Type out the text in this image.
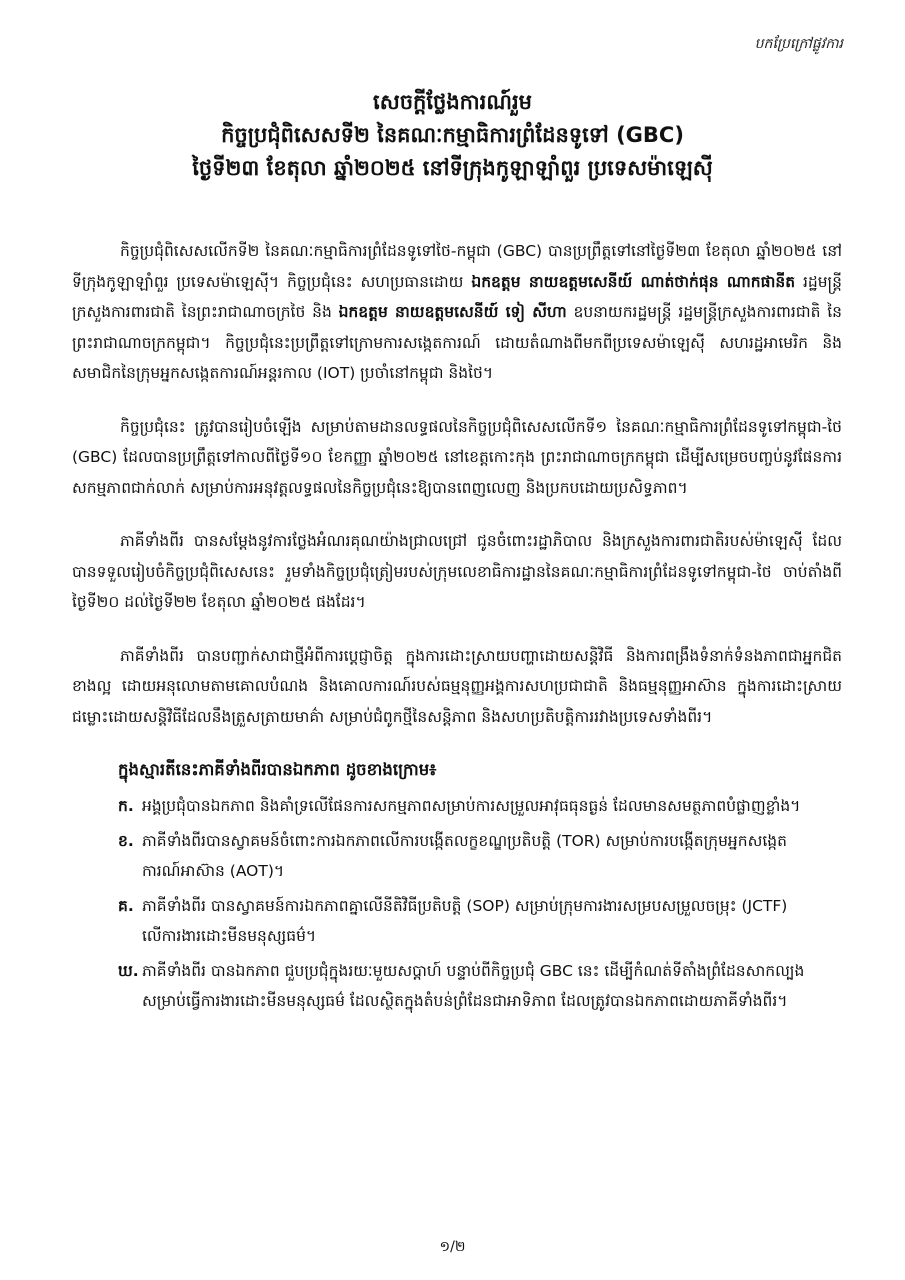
បកប្រែក្រៅផ្លូវការ

សេចក្តីថ្លែងការណ៍រួម

កិច្ចប្រជុំពិសេសទី២ នៃគណៈកម្មាធិការព្រំដែនទូទៅ (GBC)

ថ្ងៃទី២៣ ខែតុលា ឆ្នាំ២០២៥ នៅទីក្រុងកូឡាឡាំពួរ ប្រទេសម៉ាឡេស៊ី

កិច្ចប្រជុំពិសេសលើកទី២ នៃគណៈកម្មាធិការព្រំដែនទូទៅថៃ-កម្ពុជា (GBC) បានប្រព្រឹត្តទៅនៅថ្ងៃទី២៣ ខែតុលា ឆ្នាំ២០២៥ នៅទីក្រុងកូឡាឡាំពួរ ប្រទេសម៉ាឡេស៊ី។ កិច្ចប្រជុំនេះ សហប្រធានដោយ ឯកឧត្តម នាយឧត្តមសេនីយ៍ ណាត់ថាក់ផុន ណាកផានីត រដ្ឋមន្ត្រីក្រសួងការពារជាតិ នៃព្រះរាជាណាចក្រថៃ និង ឯកឧត្តម នាយឧត្តមសេនីយ៍ ទៀ សីហា ឧបនាយករដ្ឋមន្ត្រី រដ្ឋមន្ត្រីក្រសួងការពារជាតិ នៃព្រះរាជាណាចក្រកម្ពុជា។ កិច្ចប្រជុំនេះប្រព្រឹត្តទៅក្រោមការសង្កេតការណ៍ ដោយតំណាងពីមកពីប្រទេសម៉ាឡេស៊ី សហរដ្ឋអាមេរិក និងសមាជិកនៃក្រុមអ្នកសង្កេតការណ៍អន្តរកាល (IOT) ប្រចាំនៅកម្ពុជា និងថៃ។

កិច្ចប្រជុំនេះ ត្រូវបានរៀបចំឡើង សម្រាប់តាមដានលទ្ធផលនៃកិច្ចប្រជុំពិសេសលើកទី១ នៃគណៈកម្មាធិការព្រំដែនទូទៅកម្ពុជា-ថៃ (GBC) ដែលបានប្រព្រឹត្តទៅកាលពីថ្ងៃទី១០ ខែកញ្ញា ឆ្នាំ២០២៥ នៅខេត្តកោះកុង ព្រះរាជាណាចក្រកម្ពុជា ដើម្បីសម្រេចបញ្ចប់នូវផែនការសកម្មភាពជាក់លាក់ សម្រាប់ការអនុវត្តលទ្ធផលនៃកិច្ចប្រជុំនេះឱ្យបានពេញលេញ និងប្រកបដោយប្រសិទ្ធភាព។

ភាគីទាំងពីរ បានសម្តែងនូវការថ្លែងអំណរគុណយ៉ាងជ្រាលជ្រៅ ជូនចំពោះរដ្ឋាភិបាល និងក្រសួងការពារជាតិរបស់ម៉ាឡេស៊ី ដែលបានទទួលរៀបចំកិច្ចប្រជុំពិសេសនេះ រួមទាំងកិច្ចប្រជុំត្រៀមរបស់ក្រុមលេខាធិការដ្ឋាននៃគណៈកម្មាធិការព្រំដែនទូទៅកម្ពុជា-ថៃ ចាប់តាំងពីថ្ងៃទី២០ ដល់ថ្ងៃទី២២ ខែតុលា ឆ្នាំ២០២៥ ផងដែរ។

ភាគីទាំងពីរ បានបញ្ជាក់សាជាថ្មីអំពីការប្តេជ្ញាចិត្ត ក្នុងការដោះស្រាយបញ្ហាដោយសន្តិវិធី និងការពង្រឹងទំនាក់ទំនងភាពជាអ្នកជិតខាងល្អ ដោយអនុលោមតាមគោលបំណង និងគោលការណ៍របស់ធម្មនុញ្ញអង្គការសហប្រជាជាតិ និងធម្មនុញ្ញអាស៊ាន ក្នុងការដោះស្រាយជម្លោះដោយសន្តិវិធីដែលនឹងត្រួសត្រាយមាគ៌ា សម្រាប់ជំពូកថ្មីនៃសន្តិភាព និងសហប្រតិបត្តិការរវាងប្រទេសទាំងពីរ។

ក្នុងស្មារតីនេះភាគីទាំងពីរបានឯកភាព ដូចខាងក្រោម៖
ក. អង្គប្រជុំបានឯកភាព និងគាំទ្រលើផែនការសកម្មភាពសម្រាប់ការសម្រួលអាវុធធុនធ្ងន់ ដែលមានសមត្ថភាពបំផ្លាញខ្លាំង។
ខ. ភាគីទាំងពីរបានស្វាគមន៍ចំពោះការឯកភាពលើការបង្កើតលក្ខខណ្ឌប្រតិបត្តិ (TOR) សម្រាប់ការបង្កើតក្រុមអ្នកសង្កេតការណ៍អាស៊ាន (AOT)។
គ. ភាគីទាំងពីរ បានស្វាគមន៍ការឯកភាពគ្នាលើនីតិវិធីប្រតិបត្តិ (SOP) សម្រាប់ក្រុមការងារសម្របសម្រួលចម្រុះ (JCTF) លើការងារដោះមីនមនុស្សធម៌។
ឃ. ភាគីទាំងពីរ បានឯកភាព ជួបប្រជុំក្នុងរយៈមួយសប្តាហ៍ បន្ទាប់ពីកិច្ចប្រជុំ GBC នេះ ដើម្បីកំណត់ទីតាំងព្រំដែនសាកល្បងសម្រាប់ធ្វើការងារដោះមីនមនុស្សធម៌ ដែលស្ថិតក្នុងតំបន់ព្រំដែនជាអាទិភាព ដែលត្រូវបានឯកភាពដោយភាគីទាំងពីរ។
១/២
